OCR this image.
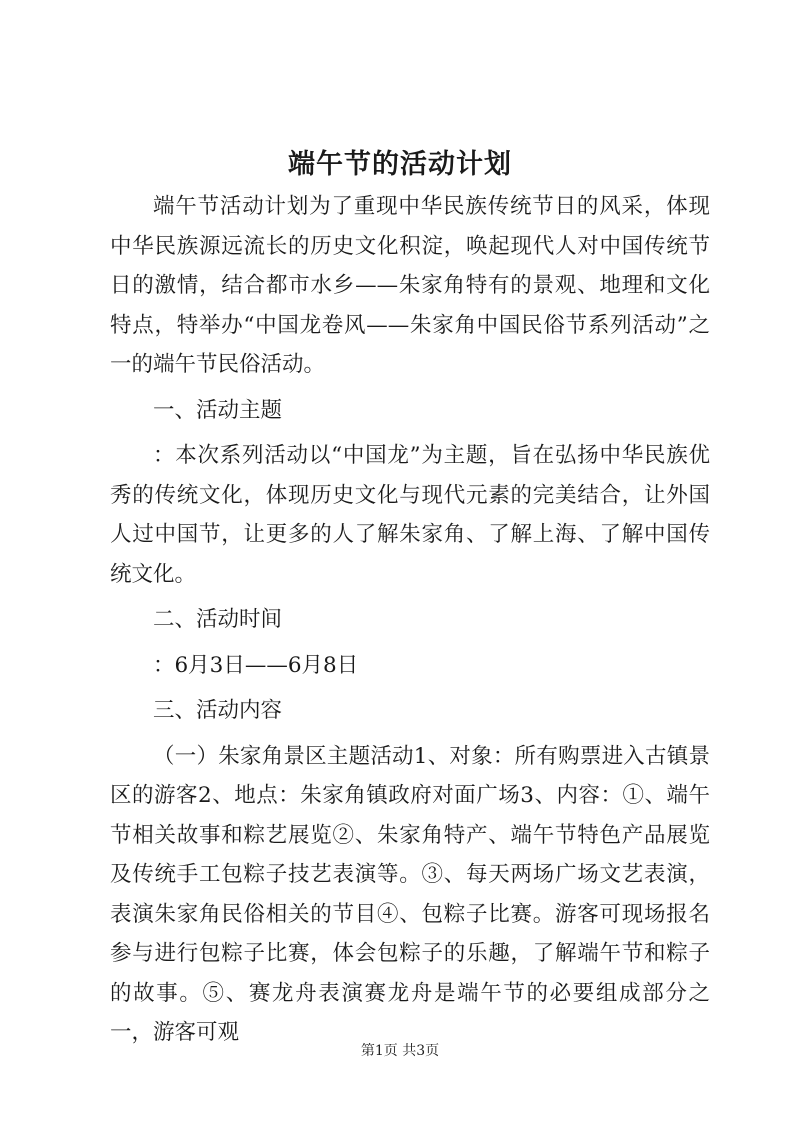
端午节的活动计划

端午节活动计划为了重现中华民族传统节日的风采，体现中华民族源远流长的历史文化积淀，唤起现代人对中国传统节日的激情，结合都市水乡——朱家角特有的景观、地理和文化特点，特举办“中国龙卷风——朱家角中国民俗节系列活动”之一的端午节民俗活动。

一、活动主题

：本次系列活动以“中国龙”为主题，旨在弘扬中华民族优秀的传统文化，体现历史文化与现代元素的完美结合，让外国人过中国节，让更多的人了解朱家角、了解上海、了解中国传统文化。

二、活动时间

：6月3日——6月8日

三、活动内容

（一）朱家角景区主题活动1、对象：所有购票进入古镇景区的游客2、地点：朱家角镇政府对面广场3、内容：①、端午节相关故事和粽艺展览②、朱家角特产、端午节特色产品展览及传统手工包粽子技艺表演等。③、每天两场广场文艺表演，表演朱家角民俗相关的节目④、包粽子比赛。游客可现场报名参与进行包粽子比赛，体会包粽子的乐趣，了解端午节和粽子的故事。⑤、赛龙舟表演赛龙舟是端午节的必要组成部分之一，游客可观

第1页 共3页
